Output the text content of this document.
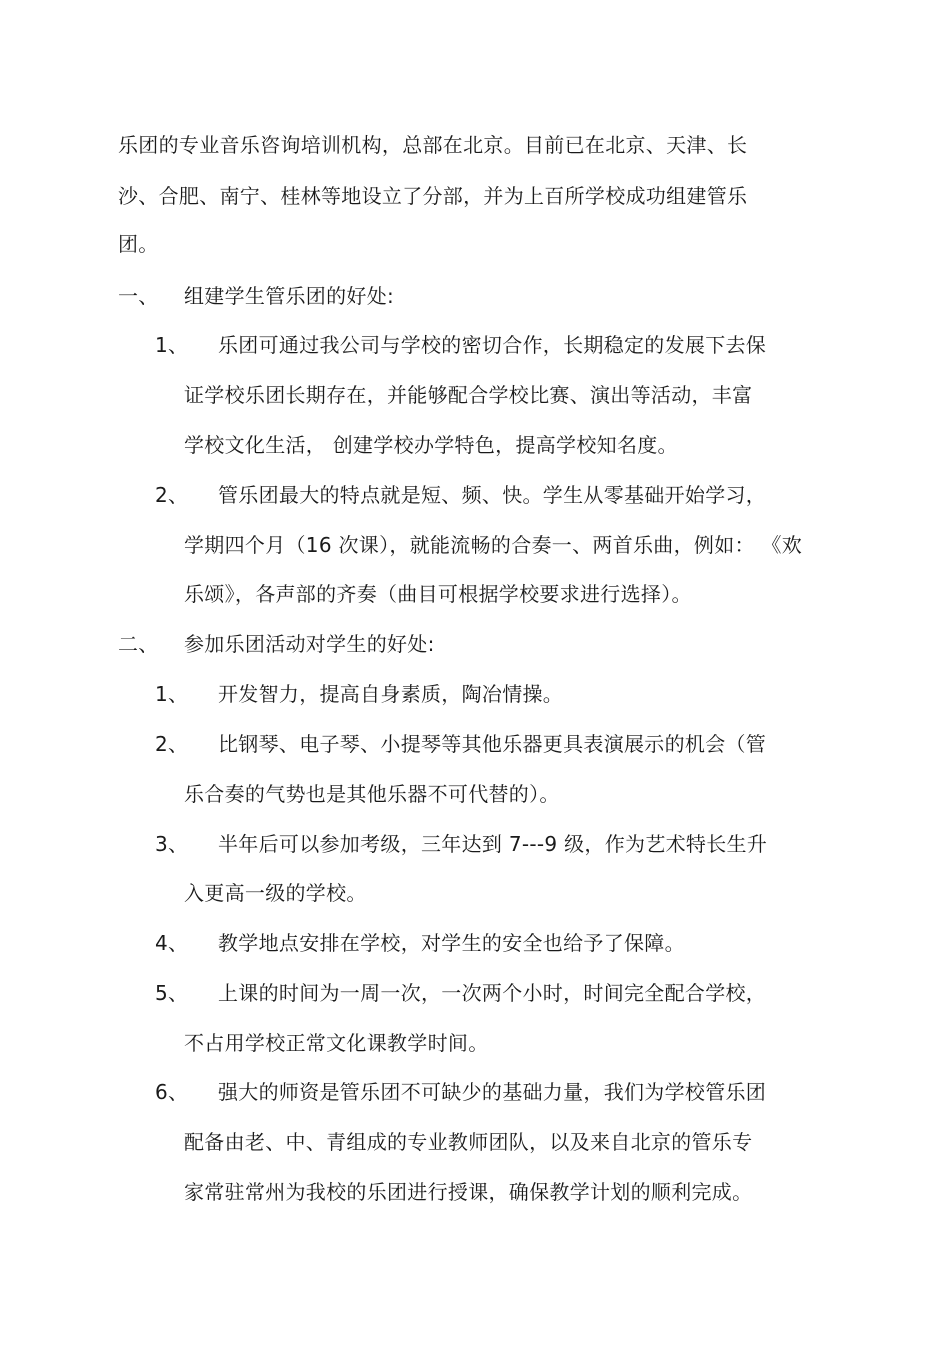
乐团的专业音乐咨询培训机构，总部在北京。目前已在北京、天津、长
沙、合肥、南宁、桂林等地设立了分部，并为上百所学校成功组建管乐
团。
一、	组建学生管乐团的好处:
1、 乐团可通过我公司与学校的密切合作，长期稳定的发展下去保
证学校乐团长期存在，并能够配合学校比赛、演出等活动，丰富
学校文化生活， 创建学校办学特色，提高学校知名度。
2、 管乐团最大的特点就是短、频、快。学生从零基础开始学习，
学期四个月（16 次课），就能流畅的合奏一、两首乐曲，例如： 《欢
乐颂》，各声部的齐奏（曲目可根据学校要求进行选择）。
二、	参加乐团活动对学生的好处:
1、 开发智力，提高自身素质，陶冶情操。
2、 比钢琴、电子琴、小提琴等其他乐器更具表演展示的机会（管
乐合奏的气势也是其他乐器不可代替的）。
3、 半年后可以参加考级，三年达到 7---9 级，作为艺术特长生升
入更高一级的学校。
4、 教学地点安排在学校，对学生的安全也给予了保障。
5、 上课的时间为一周一次，一次两个小时，时间完全配合学校，
不占用学校正常文化课教学时间。
6、 强大的师资是管乐团不可缺少的基础力量，我们为学校管乐团
配备由老、中、青组成的专业教师团队，以及来自北京的管乐专
家常驻常州为我校的乐团进行授课，确保教学计划的顺利完成。
